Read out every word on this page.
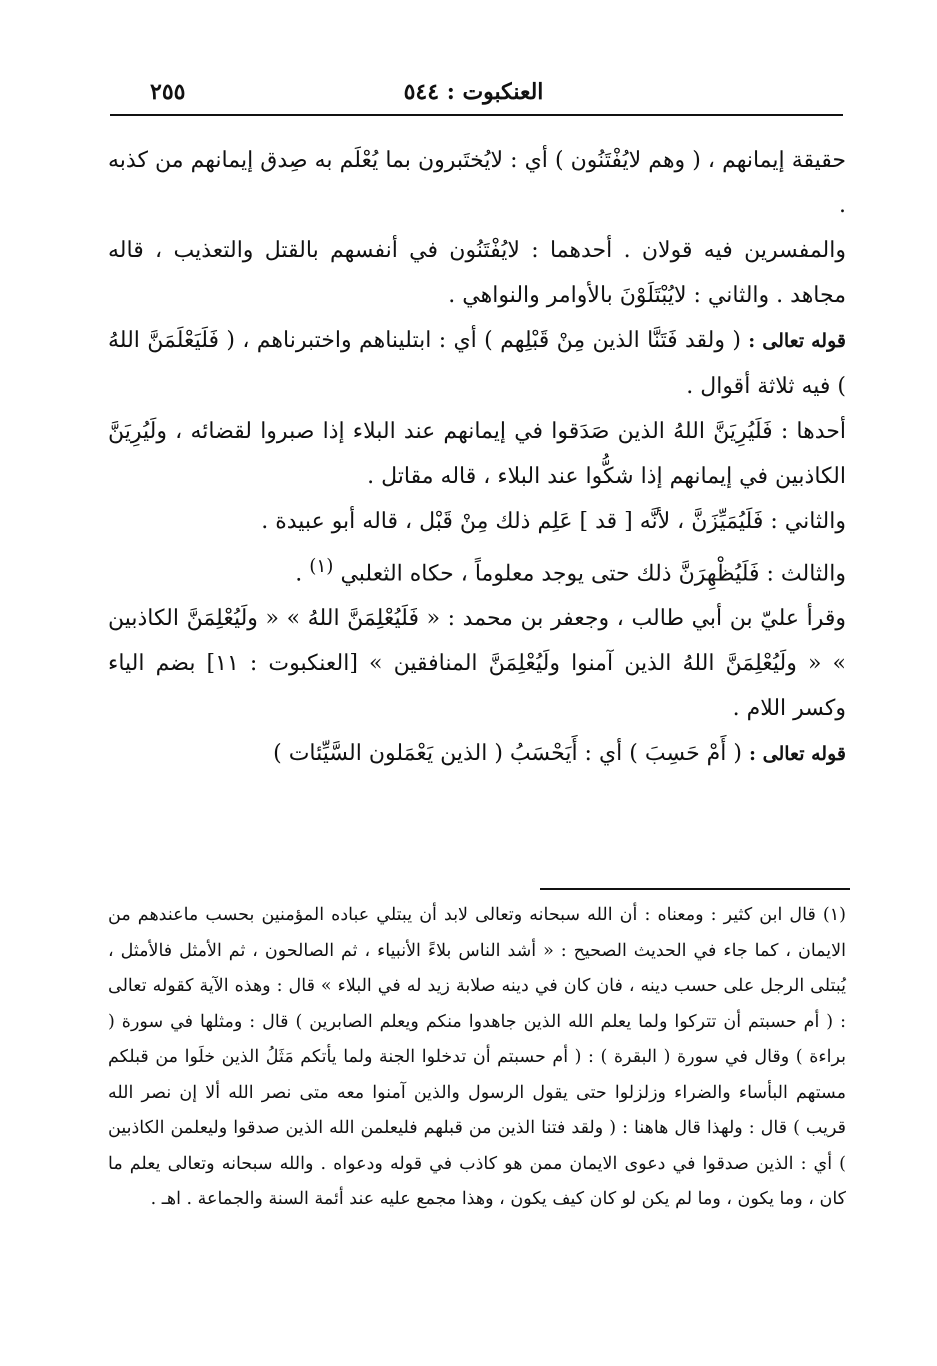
العنكبوت : ٥٤٤
٢٥٥

حقيقة إيمانهم ، ( وهم لايُفْتَنُون ) أي : لايُختَبرون بما يُعْلَم به صِدق إيمانهم من كذبه .

والمفسرين فيه قولان . أحدهما : لايُفْتَنُون في أنفسهم بالقتل والتعذيب ، قاله مجاهد . والثاني : لايُبْتَلَوْنَ بالأوامر والنواهي .

قوله تعالى : ( ولقد فَتَنَّا الذين مِنْ قَبْلِهم ) أي : ابتليناهم واختبرناهم ، ( فَلَيَعْلَمَنَّ اللهُ ) فيه ثلاثة أقوال .

أحدها : فَلَيُرِيَنَّ اللهُ الذين صَدَقوا في إيمانهم عند البلاء إذا صبروا لقضائه ، ولَيُرِيَنَّ الكاذبين في إيمانهم إذا شكُّوا عند البلاء ، قاله مقاتل .

والثاني : فَلَيُمَيِّزَنَّ ، لأنَّه [ قد ] عَلِم ذلك مِنْ قَبْل ، قاله أبو عبيدة .

والثالث : فَلَيُظْهِرَنَّ ذلك حتى يوجد معلوماً ، حكاه الثعلبي $^{(١)}$ .

وقرأ عليّ بن أبي طالب ، وجعفر بن محمد : « فَلَيُعْلِمَنَّ اللهُ » « ولَيُعْلِمَنَّ الكاذبين » « ولَيُعْلِمَنَّ اللهُ الذين آمنوا ولَيُعْلِمَنَّ المنافقين » [العنكبوت : ١١] بضم الياء وكسر اللام .

قوله تعالى : ( أَمْ حَسِبَ ) أي : أَيَحْسَبُ ( الذين يَعْمَلون السَّيِّئات )

(١) قال ابن كثير : ومعناه : أن الله سبحانه وتعالى لابد أن يبتلي عباده المؤمنين بحسب ماعندهم من الايمان ، كما جاء في الحديث الصحيح : « أشد الناس بلاءً الأنبياء ، ثم الصالحون ، ثم الأمثل فالأمثل ، يُبتلى الرجل على حسب دينه ، فان كان في دينه صلابة زيد له في البلاء » قال : وهذه الآية كقوله تعالى : ( أم حسبتم أن تتركوا ولما يعلم الله الذين جاهدوا منكم ويعلم الصابرين ) قال : ومثلها في سورة ( براءة ) وقال في سورة ( البقرة ) : ( أم حسبتم أن تدخلوا الجنة ولما يأتكم مَثَلُ الذين خلَوا من قبلكم مستهم البأساء والضراء وزلزلوا حتى يقول الرسول والذين آمنوا معه متى نصر الله ألا إن نصر الله قريب ) قال : ولهذا قال هاهنا : ( ولقد فتنا الذين من قبلهم فليعلمن الله الذين صدقوا وليعلمن الكاذبين ) أي : الذين صدقوا في دعوى الايمان ممن هو كاذب في قوله ودعواه . والله سبحانه وتعالى يعلم ما كان ، وما يكون ، وما لم يكن لو كان كيف يكون ، وهذا مجمع عليه عند أئمة السنة والجماعة . اهـ .
